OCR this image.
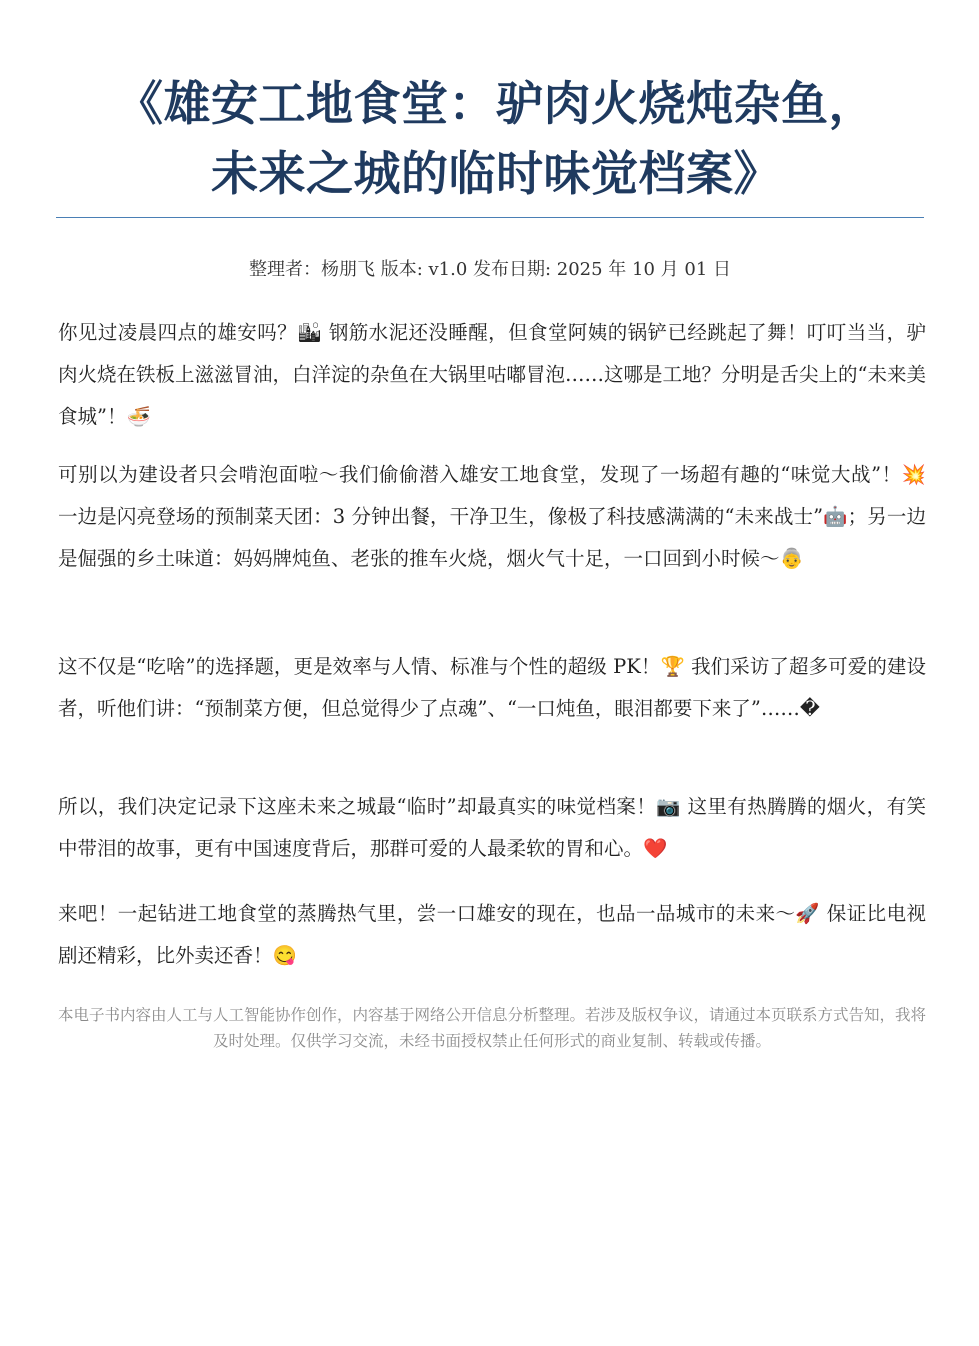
《雄安工地食堂：驴肉火烧炖杂鱼，
未来之城的临时味觉档案》
整理者：杨朋飞 版本: v1.0 发布日期: 2025 年 10 月 01 日

你见过凌晨四点的雄安吗？🏙 钢筋水泥还没睡醒，但食堂阿姨的锅铲已经跳起了舞！叮叮当当，驴肉火烧在铁板上滋滋冒油，白洋淀的杂鱼在大锅里咕嘟冒泡……这哪是工地？分明是舌尖上的“未来美食城”！🍜

可别以为建设者只会啃泡面啦～我们偷偷潜入雄安工地食堂，发现了一场超有趣的“味觉大战”！💥 一边是闪亮登场的预制菜天团：3 分钟出餐，干净卫生，像极了科技感满满的“未来战士”🤖；另一边是倔强的乡土味道：妈妈牌炖鱼、老张的推车火烧，烟火气十足，一口回到小时候～👵

这不仅是“吃啥”的选择题，更是效率与人情、标准与个性的超级 PK！🏆 我们采访了超多可爱的建设者，听他们讲：“预制菜方便，但总觉得少了点魂”、“一口炖鱼，眼泪都要下来了”……�

所以，我们决定记录下这座未来之城最“临时”却最真实的味觉档案！📷 这里有热腾腾的烟火，有笑中带泪的故事，更有中国速度背后，那群可爱的人最柔软的胃和心。❤️

来吧！一起钻进工地食堂的蒸腾热气里，尝一口雄安的现在，也品一品城市的未来～🚀 保证比电视剧还精彩，比外卖还香！😋

本电子书内容由人工与人工智能协作创作，内容基于网络公开信息分析整理。若涉及版权争议，请通过本页联系方式告知，我将及时处理。仅供学习交流，未经书面授权禁止任何形式的商业复制、转载或传播。
